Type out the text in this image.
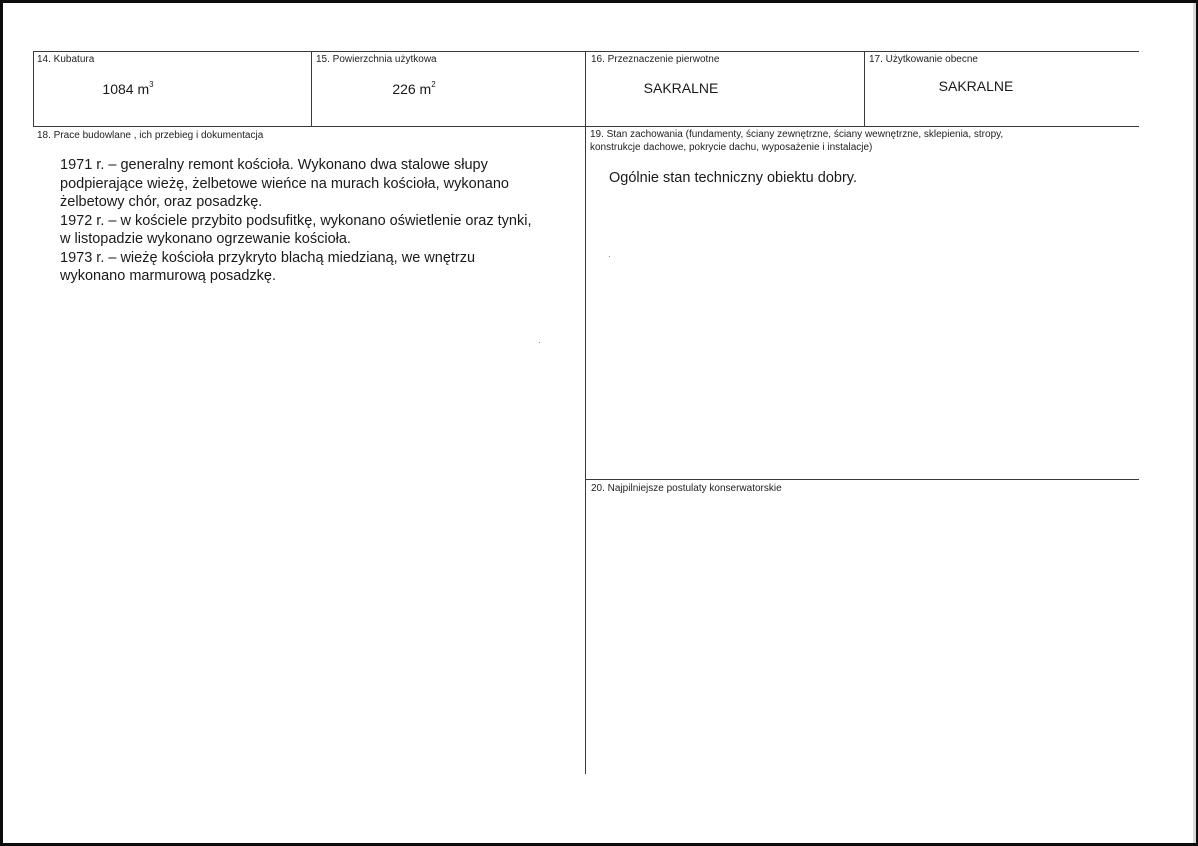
14. Kubatura
1084 $m^3$
15. Powierzchnia użytkowa
226 $m^2$
16. Przeznaczenie pierwotne
SAKRALNE
17. Użytkowanie obecne
SAKRALNE
18. Prace budowlane , ich przebieg i dokumentacja

1971 r. – generalny remont kościoła. Wykonano dwa stalowe słupy

podpierające wieżę, żelbetowe wieńce na murach kościoła, wykonano

żelbetowy chór, oraz posadzkę.

1972 r. – w kościele przybito podsufitkę, wykonano oświetlenie oraz tynki,

w listopadzie wykonano ogrzewanie kościoła.

1973 r. – wieżę kościoła przykryto blachą miedzianą, we wnętrzu

wykonano marmurową posadzkę.

19. Stan zachowania (fundamenty, ściany zewnętrzne, ściany wewnętrzne, sklepienia, stropy,
konstrukcje dachowe, pokrycie dachu, wyposażenie i instalacje)
Ogólnie stan techniczny obiektu dobry.
20. Najpilniejsze postulaty konserwatorskie
·
·
